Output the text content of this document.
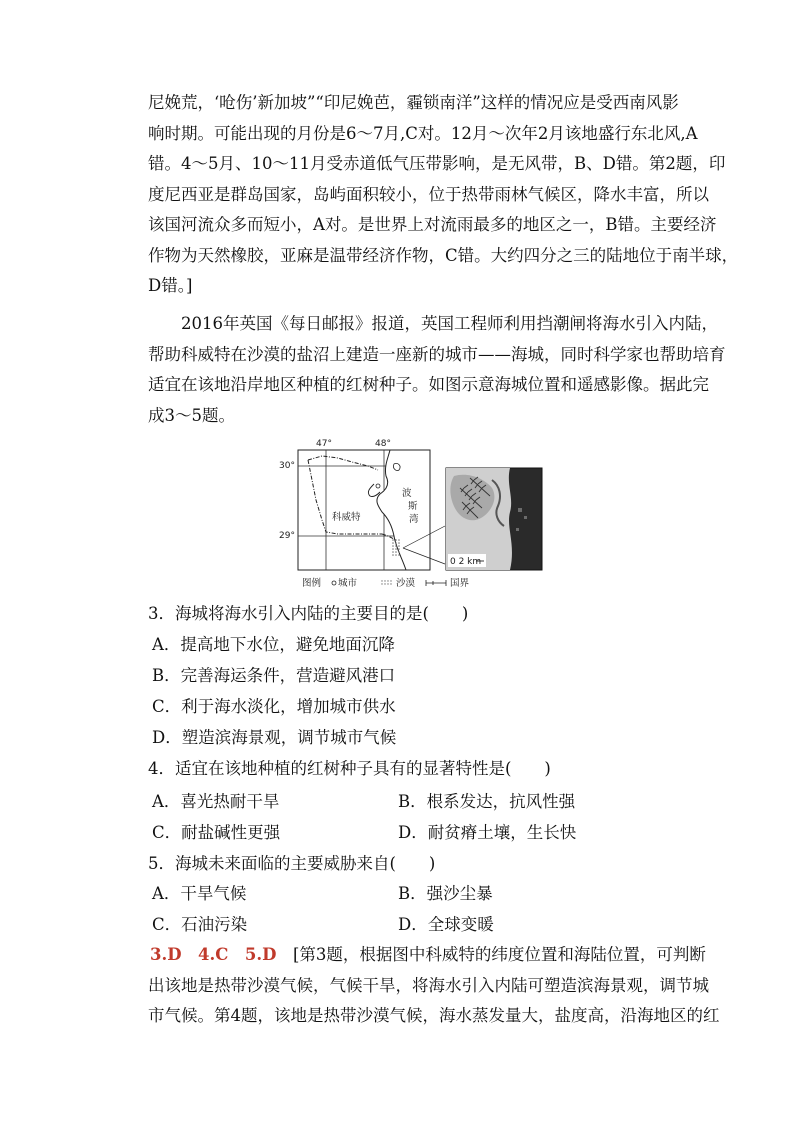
尼娩荒，‘呛伤’新加坡”“印尼娩芭，霾锁南洋”这样的情况应是受西南风影
响时期。可能出现的月份是6～7月,C对。12月～次年2月该地盛行东北风,A
错。4～5月、10～11月受赤道低气压带影响，是无风带，B、D错。第2题，印
度尼西亚是群岛国家，岛屿面积较小，位于热带雨林气候区，降水丰富，所以
该国河流众多而短小，A对。是世界上对流雨最多的地区之一，B错。主要经济
作物为天然橡胶，亚麻是温带经济作物，C错。大约四分之三的陆地位于南半球，
D错。]
2016年英国《每日邮报》报道，英国工程师利用挡潮闸将海水引入内陆，
帮助科威特在沙漠的盐沼上建造一座新的城市——海城，同时科学家也帮助培育
适宜在该地沿岸地区种植的红树种子。如图示意海城位置和遥感影像。据此完
成3～5题。
47°	48°
30°
29°
科威特
波
斯
湾
0 2 km
图例 城市	沙漠	国界
3．海城将海水引入内陆的主要目的是(　　)
A．提高地下水位，避免地面沉降
B．完善海运条件，营造避风港口
C．利于海水淡化，增加城市供水
D．塑造滨海景观，调节城市气候
4．适宜在该地种植的红树种子具有的显著特性是(　　)
A．喜光热耐干旱	B．根系发达，抗风性强
C．耐盐碱性更强	D．耐贫瘠土壤，生长快
5．海城未来面临的主要威胁来自(　　)
A．干旱气候	B．强沙尘暴
C．石油污染	D．全球变暖
3.D　4.C　5.D　 [第3题，根据图中科威特的纬度位置和海陆位置，可判断
出该地是热带沙漠气候，气候干旱，将海水引入内陆可塑造滨海景观，调节城
市气候。第4题，该地是热带沙漠气候，海水蒸发量大，盐度高，沿海地区的红
